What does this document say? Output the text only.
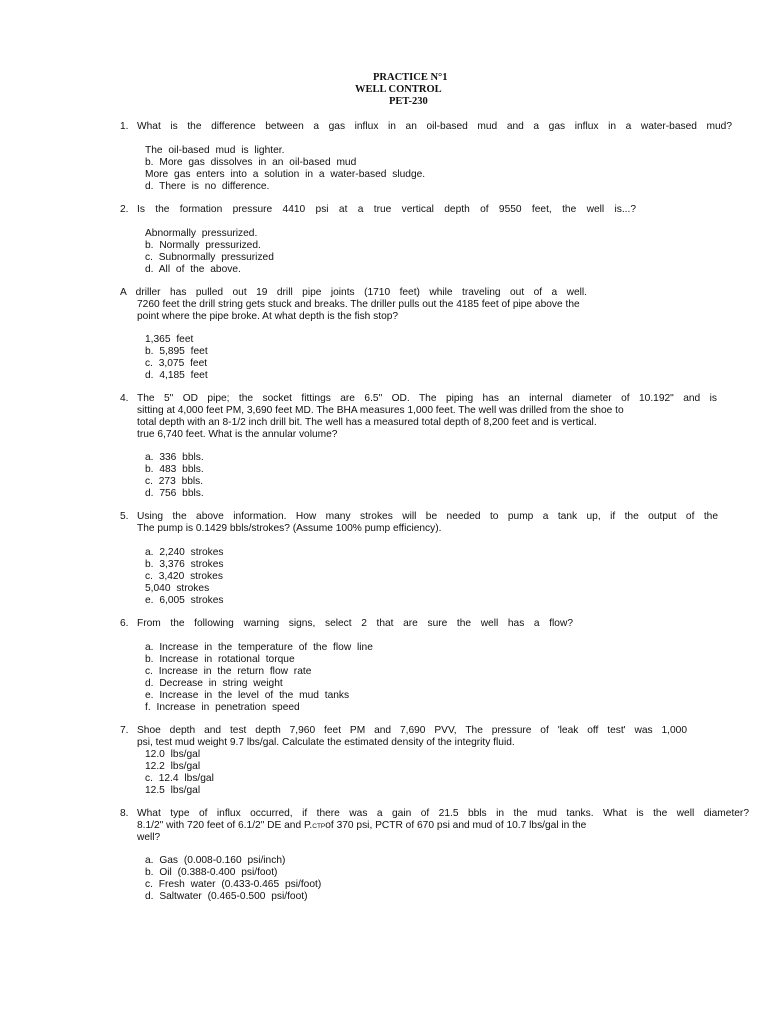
PRACTICE N°1
WELL CONTROL
PET-230
1. What is the difference between a gas influx in an oil-based mud and a gas influx in a water-based mud?
The oil-based mud is lighter.
b. More gas dissolves in an oil-based mud
More gas enters into a solution in a water-based sludge.
d. There is no difference.
2. Is the formation pressure 4410 psi at a true vertical depth of 9550 feet, the well is...?
Abnormally pressurized.
b. Normally pressurized.
c. Subnormally pressurized
d. All of the above.
A driller has pulled out 19 drill pipe joints (1710 feet) while traveling out of a well.
7260 feet the drill string gets stuck and breaks. The driller pulls out the 4185 feet of pipe above the
point where the pipe broke. At what depth is the fish stop?
1,365 feet
b. 5,895 feet
c. 3,075 feet
d. 4,185 feet
4. The 5" OD pipe; the socket fittings are 6.5" OD. The piping has an internal diameter of 10.192" and is
sitting at 4,000 feet PM, 3,690 feet MD. The BHA measures 1,000 feet. The well was drilled from the shoe to
total depth with an 8-1/2 inch drill bit. The well has a measured total depth of 8,200 feet and is vertical.
true 6,740 feet. What is the annular volume?
a. 336 bbls.
b. 483 bbls.
c. 273 bbls.
d. 756 bbls.
5. Using the above information. How many strokes will be needed to pump a tank up, if the output of the
The pump is 0.1429 bbls/strokes? (Assume 100% pump efficiency).
a. 2,240 strokes
b. 3,376 strokes
c. 3,420 strokes
5,040 strokes
e. 6,005 strokes
6. From the following warning signs, select 2 that are sure the well has a flow?
a. Increase in the temperature of the flow line
b. Increase in rotational torque
c. Increase in the return flow rate
d. Decrease in string weight
e. Increase in the level of the mud tanks
f. Increase in penetration speed
7. Shoe depth and test depth 7,960 feet PM and 7,690 PVV, The pressure of 'leak off test' was 1,000
psi, test mud weight 9.7 lbs/gal. Calculate the estimated density of the integrity fluid.
12.0 lbs/gal
12.2 lbs/gal
c. 12.4 lbs/gal
12.5 lbs/gal
8. What type of influx occurred, if there was a gain of 21.5 bbls in the mud tanks. What is the well diameter?
8.1/2" with 720 feet of 6.1/2" DE and P.CTPof 370 psi, PCTR of 670 psi and mud of 10.7 lbs/gal in the
well?
a. Gas (0.008-0.160 psi/inch)
b. Oil (0.388-0.400 psi/foot)
c. Fresh water (0.433-0.465 psi/foot)
d. Saltwater (0.465-0.500 psi/foot)
